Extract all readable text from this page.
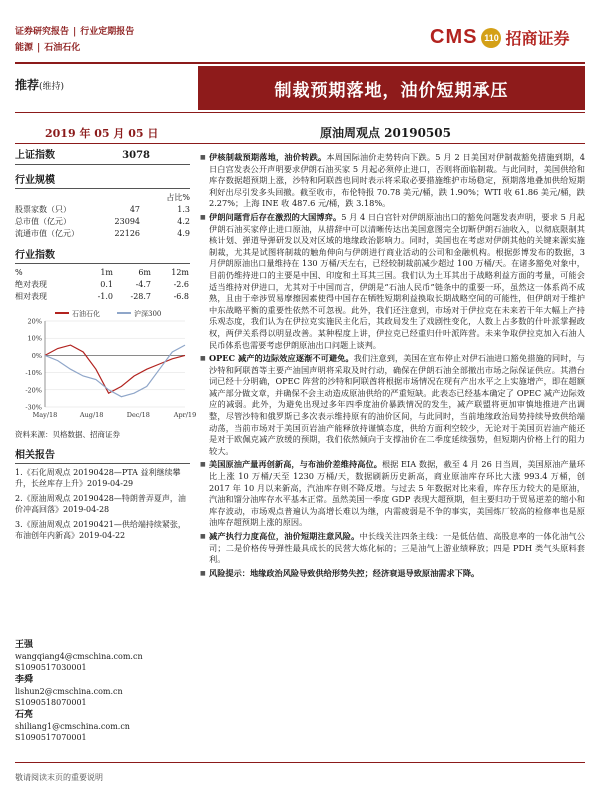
证券研究报告 | 行业定期报告
能源 | 石油石化	CMS 110 招商证券
推荐(维持)	制裁预期落地，油价短期承压
2019 年 05 月 05 日	原油周观点 20190505
上证指数	3078
行业规模
占比%
股票家数（只）	47	1.3
总市值（亿元）	23094	4.2
流通市值（亿元）	22126	4.9
行业指数
%	1m	6m	12m
绝对表现	0.1	-4.7	-2.6
相对表现	-1.0	-28.7	-6.8
石油石化	沪深300
20%
10%
0%
-10%
-20%
-30%
May/18	Aug/18	Dec/18	Apr/19
资料来源：贝格数据、招商证券
相关报告

1.《石化周观点 20190428—PTA 益利继续攀升，长丝库存上升》2019-04-29

2.《原油周观点 20190428—特朗普弄夏声，油价冲高回落》2019-04-28

3.《原油周观点 20190421—供给端持续紧张，布油创年内新高》2019-04-22

王强
wangqiang4@cmschina.com.cn
S1090517030001
李舜
lishun2@cmschina.com.cn
S1090518070001
石亮
shiliang1@cmschina.com.cn
S1090517070001

■ 伊核制裁预期落地，油价转跌。本周国际油价走势转向下跌。5 月 2 日美国对伊制裁豁免措施到期，4 日白宫发表公开声明要求伊朗石油买家 5 月起必须停止进口，否则将面临制裁。与此同时，美国供给和库存数据超预期上涨，沙特和阿联酋也同时表示将采取必要措施维护市场稳定，预期落地叠加供给短期利好出尽引发多头回撤。截至收市，布伦特报 70.78 美元/桶，跌 1.90%；WTI 收 61.86 美元/桶，跌 2.27%；上海 INE 收 487.6 元/桶，跌 3.18%。

■ 伊朗问题背后存在激烈的大国博弈。5 月 4 日白宫针对伊朗原油出口的豁免问题发表声明，要求 5 月起伊朗石油买家停止进口原油，从措辞中可以清晰传达出美国意图完全切断伊朗石油收入，以彻底限制其核计划、弹道导弹研发以及对区域的地缘政治影响力。同时，美国也在考虑对伊朗其他的关键来源实施制裁，尤其是试图将制裁的触角伸向与伊朗进行商业活动的公司和金融机构。根据彭博发布的数据，3 月伊朗原油出口量维持在 130 万桶/天左右，已经较制裁前减少超过 100 万桶/天。在诸多豁免对象中，目前仍维持进口的主要是中国、印度和土耳其三国。我们认为土耳其出于战略利益方面的考量，可能会适当维持对伊进口，尤其对于中国而言，伊朗是“石油人民币”链条中的重要一环，虽然这一体系尚不成熟，且由于牵涉贸易摩擦因素使得中国存在牺牲短期利益换取长期战略空间的可能性，但伊朗对于维护中东战略平衡的重要性依然不可忽视。此外，我们还注意到，市场对于伊拉克在未来若干年大幅上产持乐观态度，我们认为在伊拉克实施民主化后，其政局发生了戏剧性变化，人数上占多数的什叶派掌握政权，两伊关系得以明显改善。某种程度上讲，伊拉克已经重归什叶派阵营。未来争取伊拉克加入石油人民币体系也需要考虑伊朗原油出口问题上谈判。

■ OPEC 减产的边际效应逐渐不可避免。我们注意到，美国在宣布停止对伊石油进口豁免措施的同时，与沙特和阿联酋等主要产油国声明将采取及时行动，确保在伊朗石油全部撤出市场之际保证供应。其潜台词已经十分明确，OPEC 阵营的沙特和阿联酋将根据市场情况在现有产出水平之上实施增产，即在超额减产部分做文章，并确保不会主动造成原油供给的严重短缺。此表态已经基本确定了 OPEC 减产边际效应的减弱。此外，为避免出现过多年四季度油价暴跌情况的发生，减产联盟将更加审慎地推进产出调整，尽管沙特和俄罗斯已多次表示维持原有的油价区间，与此同时，当前地缘政治局势持续导致供给端动荡，当前市场对于美国页岩油产能释放持谨慎态度，供给方面利空较少，无论对于美国页岩油产能还是对于欧佩克减产放缓的预期，我们依然倾向于支撑油价在二季度延续强势，但短期内价格上行的阻力较大。

■ 美国原油产量再创新高，与布油价差维持高位。根据 EIA 数据，截至 4 月 26 日当周，美国原油产量环比上涨 10 万桶/天至 1230 万桶/天，数据刷新历史新高，商业原油库存环比大涨 993.4 万桶，创 2017 年 10 月以来新高，汽油库存则不降反增。与过去 5 年数据对比来看，库存压力较大的是原油，汽油和馏分油库存水平基本正常。虽然美国一季度 GDP 表现大超预期，但主要归功于贸易逆差的缩小和库存波动，市场观点普遍认为高增长难以为继，内需疲弱是不争的事实，美国炼厂较高的检修率也是原油库存超预期上涨的原因。

■ 减产执行力度高位，油价短期注意风险。中长线关注四条主线：一是低估值、高股息率的一体化油气公司；二是价格传导弹性最具成长的民营大炼化标的；三是油气上游业绩释放；四是 PDH 类气头原料套利。

■ 风险提示：地缘政治风险导致供给形势失控；经济衰退导致原油需求下降。

敬请阅读末页的重要说明
